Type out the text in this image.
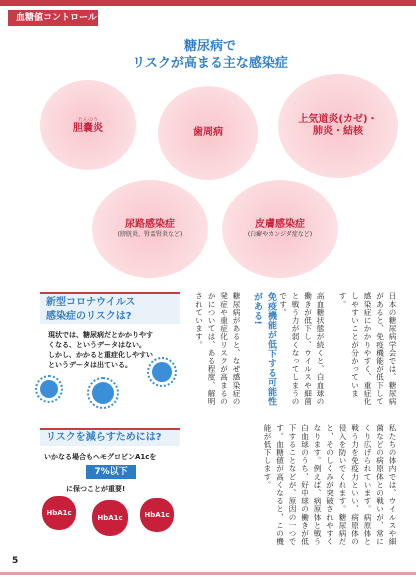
血糖値コントロール
糖尿病で
リスクが高まる主な感染症
たんのう
胆嚢炎	歯周病
上気道炎(カゼ)・
肺炎・結核
尿路感染症
(膀胱炎、腎盂腎炎など)
皮膚感染症
(白癬やカンジダ症など)
新型コロナウイルス
感染症のリスクは?
現状では、糖尿病だとかかりやす
くなる、というデータはない。
しかし、かかると重症化しやすい
というデータは出ている。
リスクを減らすためには?
いかなる場合もヘモグロビンA1cを
7%以下
に保つことが重要!
HbA1c
HbA1c	HbA1c
日本の糖尿病学会では、糖尿病があると、免疫機能が低下して感染症にかかりやすく、重症化しやすいことが分かっています。
高血糖状態が続くと、白血球の働きが低下し、ウイルスや細菌と戦う力が弱くなってしまうのです。
免疫機能が低下する可能性がある!
糖尿病があると、なぜ感染症の発症や重症化リスクが高まるのかについては、ある程度、解明されています。
私たちの体内では、ウイルスや細菌などの病原体との戦いが、常にくり広げられています。病原体と戦う力を免疫力といい、病原体の侵入を防いでくれます。糖尿病だと、そのしくみが突破されやすくなります。例えば、病原体と戦う白血球のうち、好中球の働きが低下することなどが、原因の一つです。血糖値が高くなると、この機能が低下します。
5
